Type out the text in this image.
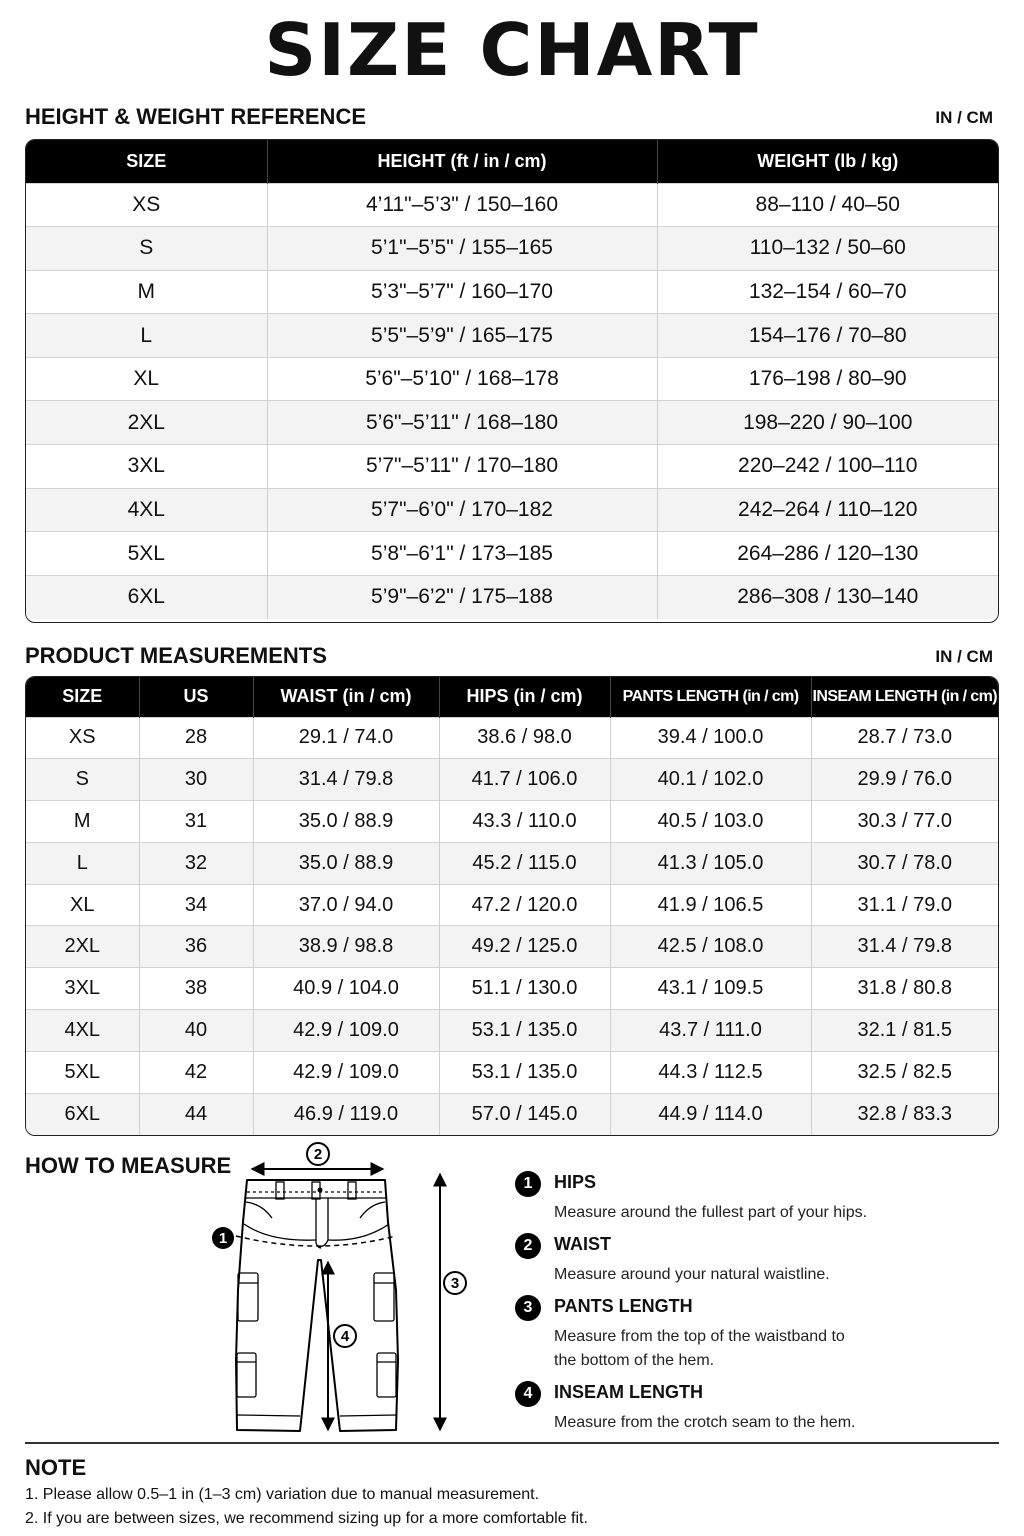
SIZE CHART
HEIGHT & WEIGHT REFERENCE	IN / CM
SIZE	HEIGHT (ft / in / cm)	WEIGHT (lb / kg)
XS	4’11"–5’3" / 150–160	88–110 / 40–50
S	5’1"–5’5" / 155–165	110–132 / 50–60
M	5’3"–5’7" / 160–170	132–154 / 60–70
L	5’5"–5’9" / 165–175	154–176 / 70–80
XL	5’6"–5’10" / 168–178	176–198 / 80–90
2XL	5’6"–5’11" / 168–180	198–220 / 90–100
3XL	5’7"–5’11" / 170–180	220–242 / 100–110
4XL	5’7"–6’0" / 170–182	242–264 / 110–120
5XL	5’8"–6’1" / 173–185	264–286 / 120–130
6XL	5’9"–6’2" / 175–188	286–308 / 130–140
PRODUCT MEASUREMENTS	IN / CM
SIZE	US	WAIST (in / cm)	HIPS (in / cm)	PANTS LENGTH (in / cm)	INSEAM LENGTH (in / cm)
XS	28	29.1 / 74.0	38.6 / 98.0	39.4 / 100.0	28.7 / 73.0
S	30	31.4 / 79.8	41.7 / 106.0	40.1 / 102.0	29.9 / 76.0
M	31	35.0 / 88.9	43.3 / 110.0	40.5 / 103.0	30.3 / 77.0
L	32	35.0 / 88.9	45.2 / 115.0	41.3 / 105.0	30.7 / 78.0
XL	34	37.0 / 94.0	47.2 / 120.0	41.9 / 106.5	31.1 / 79.0
2XL	36	38.9 / 98.8	49.2 / 125.0	42.5 / 108.0	31.4 / 79.8
3XL	38	40.9 / 104.0	51.1 / 130.0	43.1 / 109.5	31.8 / 80.8
4XL	40	42.9 / 109.0	53.1 / 135.0	43.7 / 111.0	32.1 / 81.5
5XL	42	42.9 / 109.0	53.1 / 135.0	44.3 / 112.5	32.5 / 82.5
6XL	44	46.9 / 119.0	57.0 / 145.0	44.9 / 114.0	32.8 / 83.3
HOW TO MEASURE	2
1
3
4
1	HIPS
Measure around the fullest part of your hips.
2	WAIST
Measure around your natural waistline.
3	PANTS LENGTH
Measure from the top of the waistband to the bottom of the hem.
4	INSEAM LENGTH
Measure from the crotch seam to the hem.
NOTE
1. Please allow 0.5–1 in (1–3 cm) variation due to manual measurement.
2. If you are between sizes, we recommend sizing up for a more comfortable fit.
